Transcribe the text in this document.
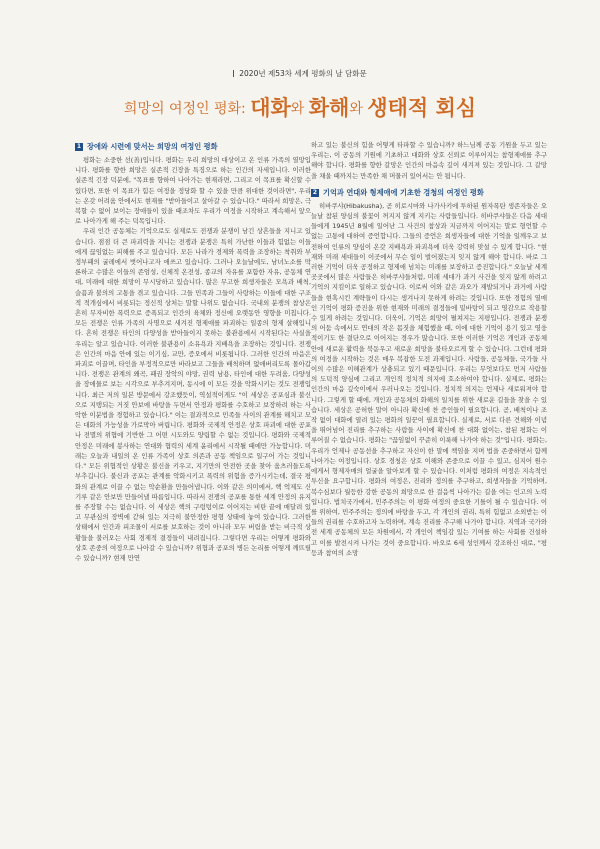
2020년 제53차 세계 평화의 날 담화문
희망의 여정인 평화: 대화와 화해와 생태적 회심
1 장애와 시련에 맞서는 희망의 여정인 평화

평화는 소중한 선(善)입니다. 평화는 우리 희망의 대상이고 온 인류 가족의 열망입니다. 평화를 향한 희망은 실존적 긴장을 특징으로 하는 인간의 자세입니다. 이러한 실존적 긴장 덕분에, "목표를 향하여 나아가는 현재라면, 그리고 이 목표를 확신할 수 있다면, 또한 이 목표가 힘든 여정을 정당화 할 수 있을 만큼 위대한 것이라면", 우리는 온갖 어려움 안에서도 현재를 "받아들이고 살아갈 수 있습니다." 따라서 희망은, 극복할 수 없어 보이는 장애들이 있을 때조차도 우리가 여정을 시작하고 계속해서 앞으로 나아가게 해 주는 덕목입니다.

우리 인간 공동체는 기억으로도 실제로도 전쟁과 분쟁이 남긴 상흔들을 지니고 있습니다. 점점 더 큰 파괴력을 지니는 전쟁과 분쟁은 특히 가난한 이들과 힘없는 이들에게 끊임없는 피해를 주고 있습니다. 모든 나라가 경제와 폭력을 조장하는 착취와 부정부패의 굴레에서 벗어나고자 애쓰고 있습니다. 그러나 오늘날에도, 남녀노소를 막론하고 수많은 이들의 존엄성, 신체적 온전성, 종교의 자유를 포함한 자유, 공동체 연대, 미래에 대한 희망이 무시당하고 있습니다. 많은 무고한 희생자들은 모욕과 배척, 슬픔과 불의의 고통을 겪고 있습니다. 그들 민족과 그들이 사랑하는 이들에 대한 구조적 적개심에서 비롯되는 정신적 상처는 말할 나위도 없습니다. 국내외 분쟁의 참상은 흔히 무자비한 폭력으로 증폭되고 인간의 육체와 정신에 오랫동안 영향을 미칩니다. 모든 전쟁은 인류 가족의 사명으로 새겨진 형제애를 파괴하는 일종의 형제 살해입니다. 흔히 전쟁은 타인의 다양성을 받아들이지 못하는 불관용에서 시작된다는 사실을 우리는 알고 있습니다. 이러한 불관용이 소유욕과 지배욕을 조장하는 것입니다. 전쟁은 인간의 마음 안에 있는 이기심, 교만, 증오에서 비롯됩니다. 그러한 인간의 마음은 파괴로 이끌며, 타인을 부정적으로만 바라보고 그들을 배척하며 없애버리도록 몰아갑니다. 전쟁은 관계의 왜곡, 패권 장악의 야망, 권력 남용, 타인에 대한 두려움, 다양성을 장애물로 보는 시각으로 부추겨지며, 동시에 이 모든 것을 악화시키는 것도 전쟁입니다. 최근 저의 일본 방문에서 강조했듯이, 역설적이게도 "이 세상은 공포심과 불신으로 지탱되는 거짓 안보에 바탕을 두면서 안정과 평화를 수호하고 보장하려 하는 사악한 이분법을 경험하고 있습니다." 이는 결과적으로 민족들 사이의 관계를 해치고 모든 대화의 가능성을 가로막아 버립니다. 평화와 국제적 안정은 상호 파괴에 대한 공포나 전멸의 위협에 기반한 그 어떤 시도와도 양립할 수 없는 것입니다. 평화와 국제적 안정은 미래에 봉사하는 연대와 협력의 세계 윤리에서 시작될 때에만 가능합니다. 미래는 오늘과 내일의 온 인류 가족이 상호 의존과 공동 책임으로 일구어 가는 것입니다." 모든 위협적인 상황은 불신을 키우고, 지기만의 안전한 곳을 찾아 움츠러들도록 부추깁니다. 불신과 공포는 관계를 악화시키고 폭력의 위험을 증가시키는데, 결국 평화의 관계로 이끌 수 없는 악순환을 만들어냅니다. 이와 같은 의미에서, 핵 억제도 신기루 같은 안보만 만들어낼 따름입니다. 따라서 전쟁의 공포를 통한 세계 안정의 유지를 주장할 수는 없습니다. 이 세상은 핵의 구렁텅이로 이어지는 비탄 끝에 매달려 있고 무관심의 장벽에 갇혀 있는 지극히 불안정한 평형 상태에 놓여 있습니다. 그러한 상태에서 인간과 피조물이 서로를 보호하는 것이 아니라 모두 버림을 받는 비극적 상황들을 불러오는 사회 경제적 결정들이 내려집니다. 그렇다면 우리는 어떻게 평화와 상호 존중의 여정으로 나아갈 수 있습니까? 위협과 공포의 병든 논리를 어떻게 깨뜨릴 수 있습니까? 현재 만연

하고 있는 불신의 힘을 어떻게 타파할 수 있습니까? 하느님께 공동 기원을 두고 있는 우리는, 이 공동의 기원에 기초하고 대화와 상호 신뢰로 이루어지는 참형제애를 추구해야 합니다. 평화를 향한 갈망은 인간의 마음속 깊이 새겨져 있는 것입니다. 그 갈망을 채울 때까지는 만족한 채 머물러 있어서는 안 됩니다.

2 기억과 연대와 형제애에 기초한 경청의 여정인 평화

히바쿠샤(Hibakusha), 곧 히로시마와 나가사키에 투하된 원자폭탄 생존자들은 오늘날 참된 양심의 불꽃이 꺼지지 않게 지키는 사람들입니다. 히바쿠샤들은 다음 세대들에게 1945년 8월에 일어난 그 사건의 참상과 지금까지 이어지는 말로 형언할 수 없는 고통에 대하여 증언합니다. 그들의 증언은 희생자들에 대한 기억을 일깨우고 보전하여 인류의 양심이 온갖 지배욕과 파괴욕에 더욱 강력히 맞설 수 있게 합니다. "현재와 미래 세대들이 이곳에서 무슨 일이 벌어졌는지 잊지 않게 해야 합니다. 바로 그러한 기억이 더욱 공정하고 형제애 넘치는 미래를 보장하고 증진합니다." 오늘날 세계 곳곳에서 많은 사람들은 히바쿠샤들처럼, 미래 세대가 과거 사건을 잊지 않게 하려고 기억의 지킴이로 일하고 있습니다. 이로써 이와 같은 과오가 재발되거나 과거에 사람들을 현혹시킨 계략들이 다시는 생겨나지 못하게 하려는 것입니다. 또한 경험의 열매인 기억이 평화 증진을 위한 현재와 미래의 결정들에 밑바탕이 되고 영감으로 작용할 수 있게 하려는 것입니다. 더욱이, 기억은 희망이 펼쳐지는 지평입니다. 전쟁과 분쟁의 어둠 속에서도 연대의 작은 몸짓을 체험했을 때, 이에 대한 기억이 용기 있고 영웅적이기도 한 결단으로 이어지는 경우가 많습니다. 또한 이러한 기억은 개인과 공동체 안에 새로운 활력을 북돋우고 새로운 희망을 불타오르게 할 수 있습니다. 그런데 평화의 여정을 시작하는 것은 매우 복잡한 도전 과제입니다. 사람들, 공동체들, 국가들 사이의 수많은 이해관계가 상충되고 있기 때문입니다. 우리는 무엇보다도 먼저 사람들의 도덕적 양심에 그리고 개인적 정치적 의지에 호소하여야 합니다. 실제로, 평화는 인간의 마음 깊숙이에서 우러나오는 것입니다. 정치적 의지는 언제나 새로워져야 합니다. 그렇게 할 때에, 개인과 공동체의 화해의 일치를 위한 새로운 길들을 찾을 수 있습니다. 세상은 공허한 말이 아니라 확신에 찬 증인들이 필요합니다. 곧, 배척이나 조작 없이 대화에 열려 있는 평화의 일꾼이 필요합니다. 실제로, 서로 다른 견해와 이념을 뛰어넘어 진리를 추구하는 사람들 사이에 확신에 찬 대화 없이는, 참된 평화는 이루어질 수 없습니다. 평화는 "끊임없이 꾸준히 이룩해 나가야 하는 것"입니다. 평화는, 우리가 언제나 공동선을 추구하고 자신이 한 말에 책임을 지며 법을 존중하면서 함께 나아가는 여정입니다. 상호 경청은 상호 이해와 존중으로 이끌 수 있고, 심지어 원수에게서 형제자매의 얼굴을 알아보게 할 수 있습니다. 이처럼 평화의 여정은 지속적인 투신을 요구합니다. 평화의 여정은, 진리와 정의를 추구하고, 희생자들을 기억하며, 복수심보다 월등한 강한 공동의 희망으로 한 걸음씩 나아가는 길을 여는 인고의 노력입니다. 법치국가에서, 민주주의는 이 평화 여정의 중요한 기틀이 될 수 있습니다. 이를 위하여, 민주주의는 정의에 바탕을 두고, 각 개인의 권리, 특히 힘없고 소외받는 이들의 권리를 수호하고자 노력하며, 계속 진리를 추구해 나가야 합니다. 지역과 국가와 전 세계 공동체의 모든 차원에서, 각 개인이 책임감 있는 기여를 하는 사회를 건설하고 이를 발전시켜 나가는 것이 중요합니다. 바오로 6세 성인께서 강조하신 대로, "평등과 참여의 소망
